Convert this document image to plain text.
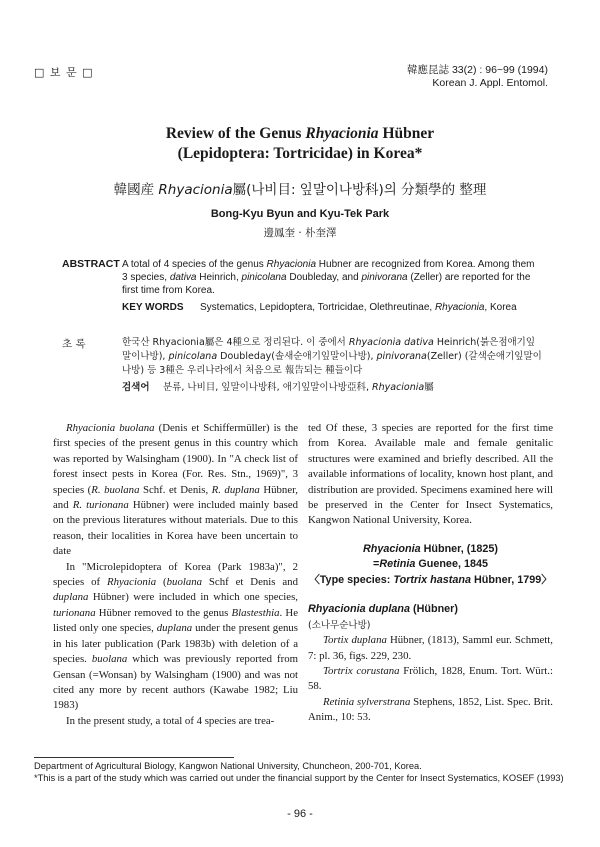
□ 보 문 □	韓應昆誌 33(2) : 96~99 (1994)
Korean J. Appl. Entomol.
Review of the Genus Rhyacionia Hübner
(Lepidoptera: Tortricidae) in Korea*
韓國産 Rhyacionia屬(나비目: 잎말이나방科)의 分類學的 整理
Bong-Kyu Byun and Kyu-Tek Park
邊鳳奎 · 朴奎澤
ABSTRACT A total of 4 species of the genus Rhyacionia Hubner are recognized from Korea. Among them 3 species, dativa Heinrich, pinicolana Doubleday, and pinivorana (Zeller) are reported for the first time from Korea.
KEY WORDS Systematics, Lepidoptera, Tortricidae, Olethreutinae, Rhyacionia, Korea
초 록	한국산 Rhyacionia屬은 4種으로 정리된다. 이 중에서 Rhyacionia dativa Heinrich(붉은점애기잎말이나방), pinicolana Doubleday(솔새순애기잎말이나방), pinivorana(Zeller) (갈색순애기잎말이나방) 등 3種은 우리나라에서 처음으로 報告되는 種들이다
검색어 분류, 나비目, 잎말이나방科, 애기잎말이나방亞科, Rhyacionia屬

Rhyacionia buolana (Denis et Schiffermüller) is the first species of the present genus in this country which was reported by Walsingham (1900). In "A check list of forest insect pests in Korea (For. Res. Stn., 1969)", 3 species (R. buolana Schf. et Denis, R. duplana Hübner, and R. turionana Hübner) were included mainly based on the previous literatures without materials. Due to this reason, their localities in Korea have been uncertain to date

In "Microlepidoptera of Korea (Park 1983a)", 2 species of Rhyacionia (buolana Schf et Denis and duplana Hübner) were included in which one species, turionana Hübner removed to the genus Blastesthia. He listed only one species, duplana under the present genus in his later publication (Park 1983b) with deletion of a species. buolana which was previously reported from Gensan (=Wonsan) by Walsingham (1900) and was not cited any more by recent authors (Kawabe 1982; Liu 1983)

In the present study, a total of 4 species are trea-

ted Of these, 3 species are reported for the first time from Korea. Available male and female genitalic structures were examined and briefly described. All the available informations of locality, known host plant, and distribution are provided. Specimens examined here will be preserved in the Center for Insect Systematics, Kangwon National University, Korea.

Rhyacionia Hübner, (1825)
=Retinia Guenee, 1845
〈Type species: Tortrix hastana Hübner, 1799〉
Rhyacionia duplana (Hübner)
(소나무순나방)

Tortix duplana Hübner, (1813), Samml eur. Schmett, 7: pl. 36, figs. 229, 230.

Tortrix corustana Frölich, 1828, Enum. Tort. Würt.: 58.

Retinia sylverstrana Stephens, 1852, List. Spec. Brit. Anim., 10: 53.

Department of Agricultural Biology, Kangwon National University, Chuncheon, 200-701, Korea.
*This is a part of the study which was carried out under the financial support by the Center for Insect Systematics, KOSEF (1993)
- 96 -
